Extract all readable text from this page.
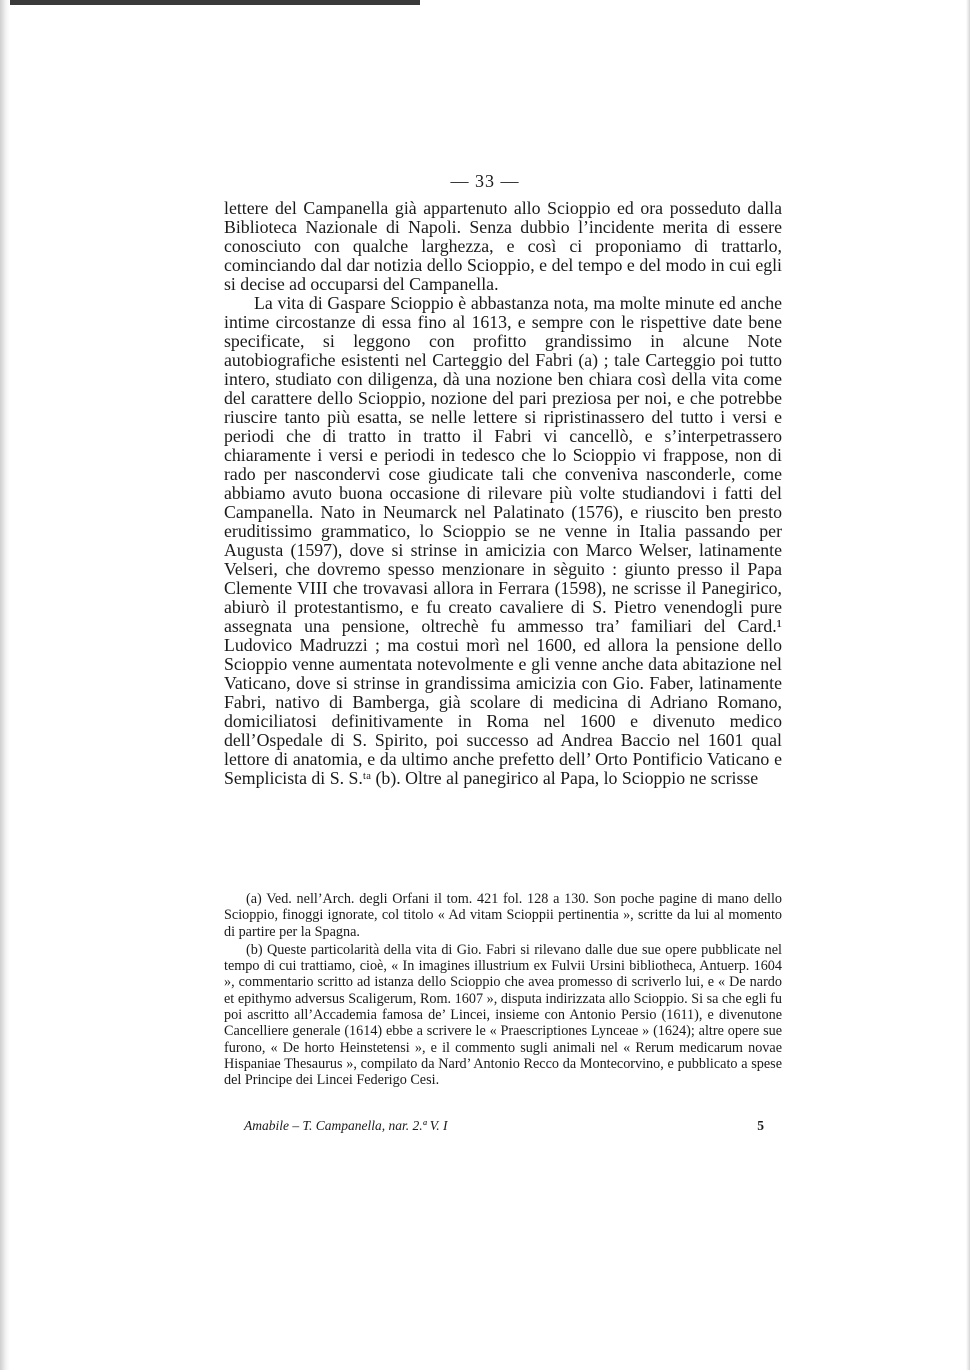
— 33 —

lettere del Campanella già appartenuto allo Scioppio ed ora posseduto dalla Biblioteca Nazionale di Napoli. Senza dubbio l’incidente merita di essere conosciuto con qualche larghezza, e così ci proponiamo di trattarlo, cominciando dal dar notizia dello Scioppio, e del tempo e del modo in cui egli si decise ad occuparsi del Campanella.

La vita di Gaspare Scioppio è abbastanza nota, ma molte minute ed anche intime circostanze di essa fino al 1613, e sempre con le rispettive date bene specificate, si leggono con profitto grandissimo in alcune Note autobiografiche esistenti nel Carteggio del Fabri (a) ; tale Carteggio poi tutto intero, studiato con diligenza, dà una nozione ben chiara così della vita come del carattere dello Scioppio, nozione del pari preziosa per noi, e che potrebbe riuscire tanto più esatta, se nelle lettere si ripristinassero del tutto i versi e periodi che di tratto in tratto il Fabri vi cancellò, e s’interpetrassero chiaramente i versi e periodi in tedesco che lo Scioppio vi frappose, non di rado per nascondervi cose giudicate tali che conveniva nasconderle, come abbiamo avuto buona occasione di rilevare più volte studiandovi i fatti del Campanella. Nato in Neumarck nel Palatinato (1576), e riuscito ben presto eruditissimo grammatico, lo Scioppio se ne venne in Italia passando per Augusta (1597), dove si strinse in amicizia con Marco Welser, latinamente Velseri, che dovremo spesso menzionare in sèguito : giunto presso il Papa Clemente VIII che trovavasi allora in Ferrara (1598), ne scrisse il Panegirico, abiurò il protestantismo, e fu creato cavaliere di S. Pietro venendogli pure assegnata una pensione, oltrechè fu ammesso tra’ familiari del Card.¹ Ludovico Madruzzi ; ma costui morì nel 1600, ed allora la pensione dello Scioppio venne aumentata notevolmente e gli venne anche data abitazione nel Vaticano, dove si strinse in grandissima amicizia con Gio. Faber, latinamente Fabri, nativo di Bamberga, già scolare di medicina di Adriano Romano, domiciliatosi definitivamente in Roma nel 1600 e divenuto medico dell’Ospedale di S. Spirito, poi successo ad Andrea Baccio nel 1601 qual lettore di anatomia, e da ultimo anche prefetto dell’ Orto Pontificio Vaticano e Semplicista di S. S.ᵗᵃ (b). Oltre al panegirico al Papa, lo Scioppio ne scrisse

(a) Ved. nell’Arch. degli Orfani il tom. 421 fol. 128 a 130. Son poche pagine di mano dello Scioppio, finoggi ignorate, col titolo « Ad vitam Scioppii pertinentia », scritte da lui al momento di partire per la Spagna.

(b) Queste particolarità della vita di Gio. Fabri si rilevano dalle due sue opere pubblicate nel tempo di cui trattiamo, cioè, « In imagines illustrium ex Fulvii Ursini bibliotheca, Antuerp. 1604 », commentario scritto ad istanza dello Scioppio che avea promesso di scriverlo lui, e « De nardo et epithymo adversus Scaligerum, Rom. 1607 », disputa indirizzata allo Scioppio. Si sa che egli fu poi ascritto all’Accademia famosa de’ Lincei, insieme con Antonio Persio (1611), e divenutone Cancelliere generale (1614) ebbe a scrivere le « Praescriptiones Lynceae » (1624); altre opere sue furono, « De horto Heinstetensi », e il commento sugli animali nel « Rerum medicarum novae Hispaniae Thesaurus », compilato da Nard’ Antonio Recco da Montecorvino, e pubblicato a spese del Principe dei Lincei Federigo Cesi.

Amabile – T. Campanella, nar. 2.ª V. I	5
